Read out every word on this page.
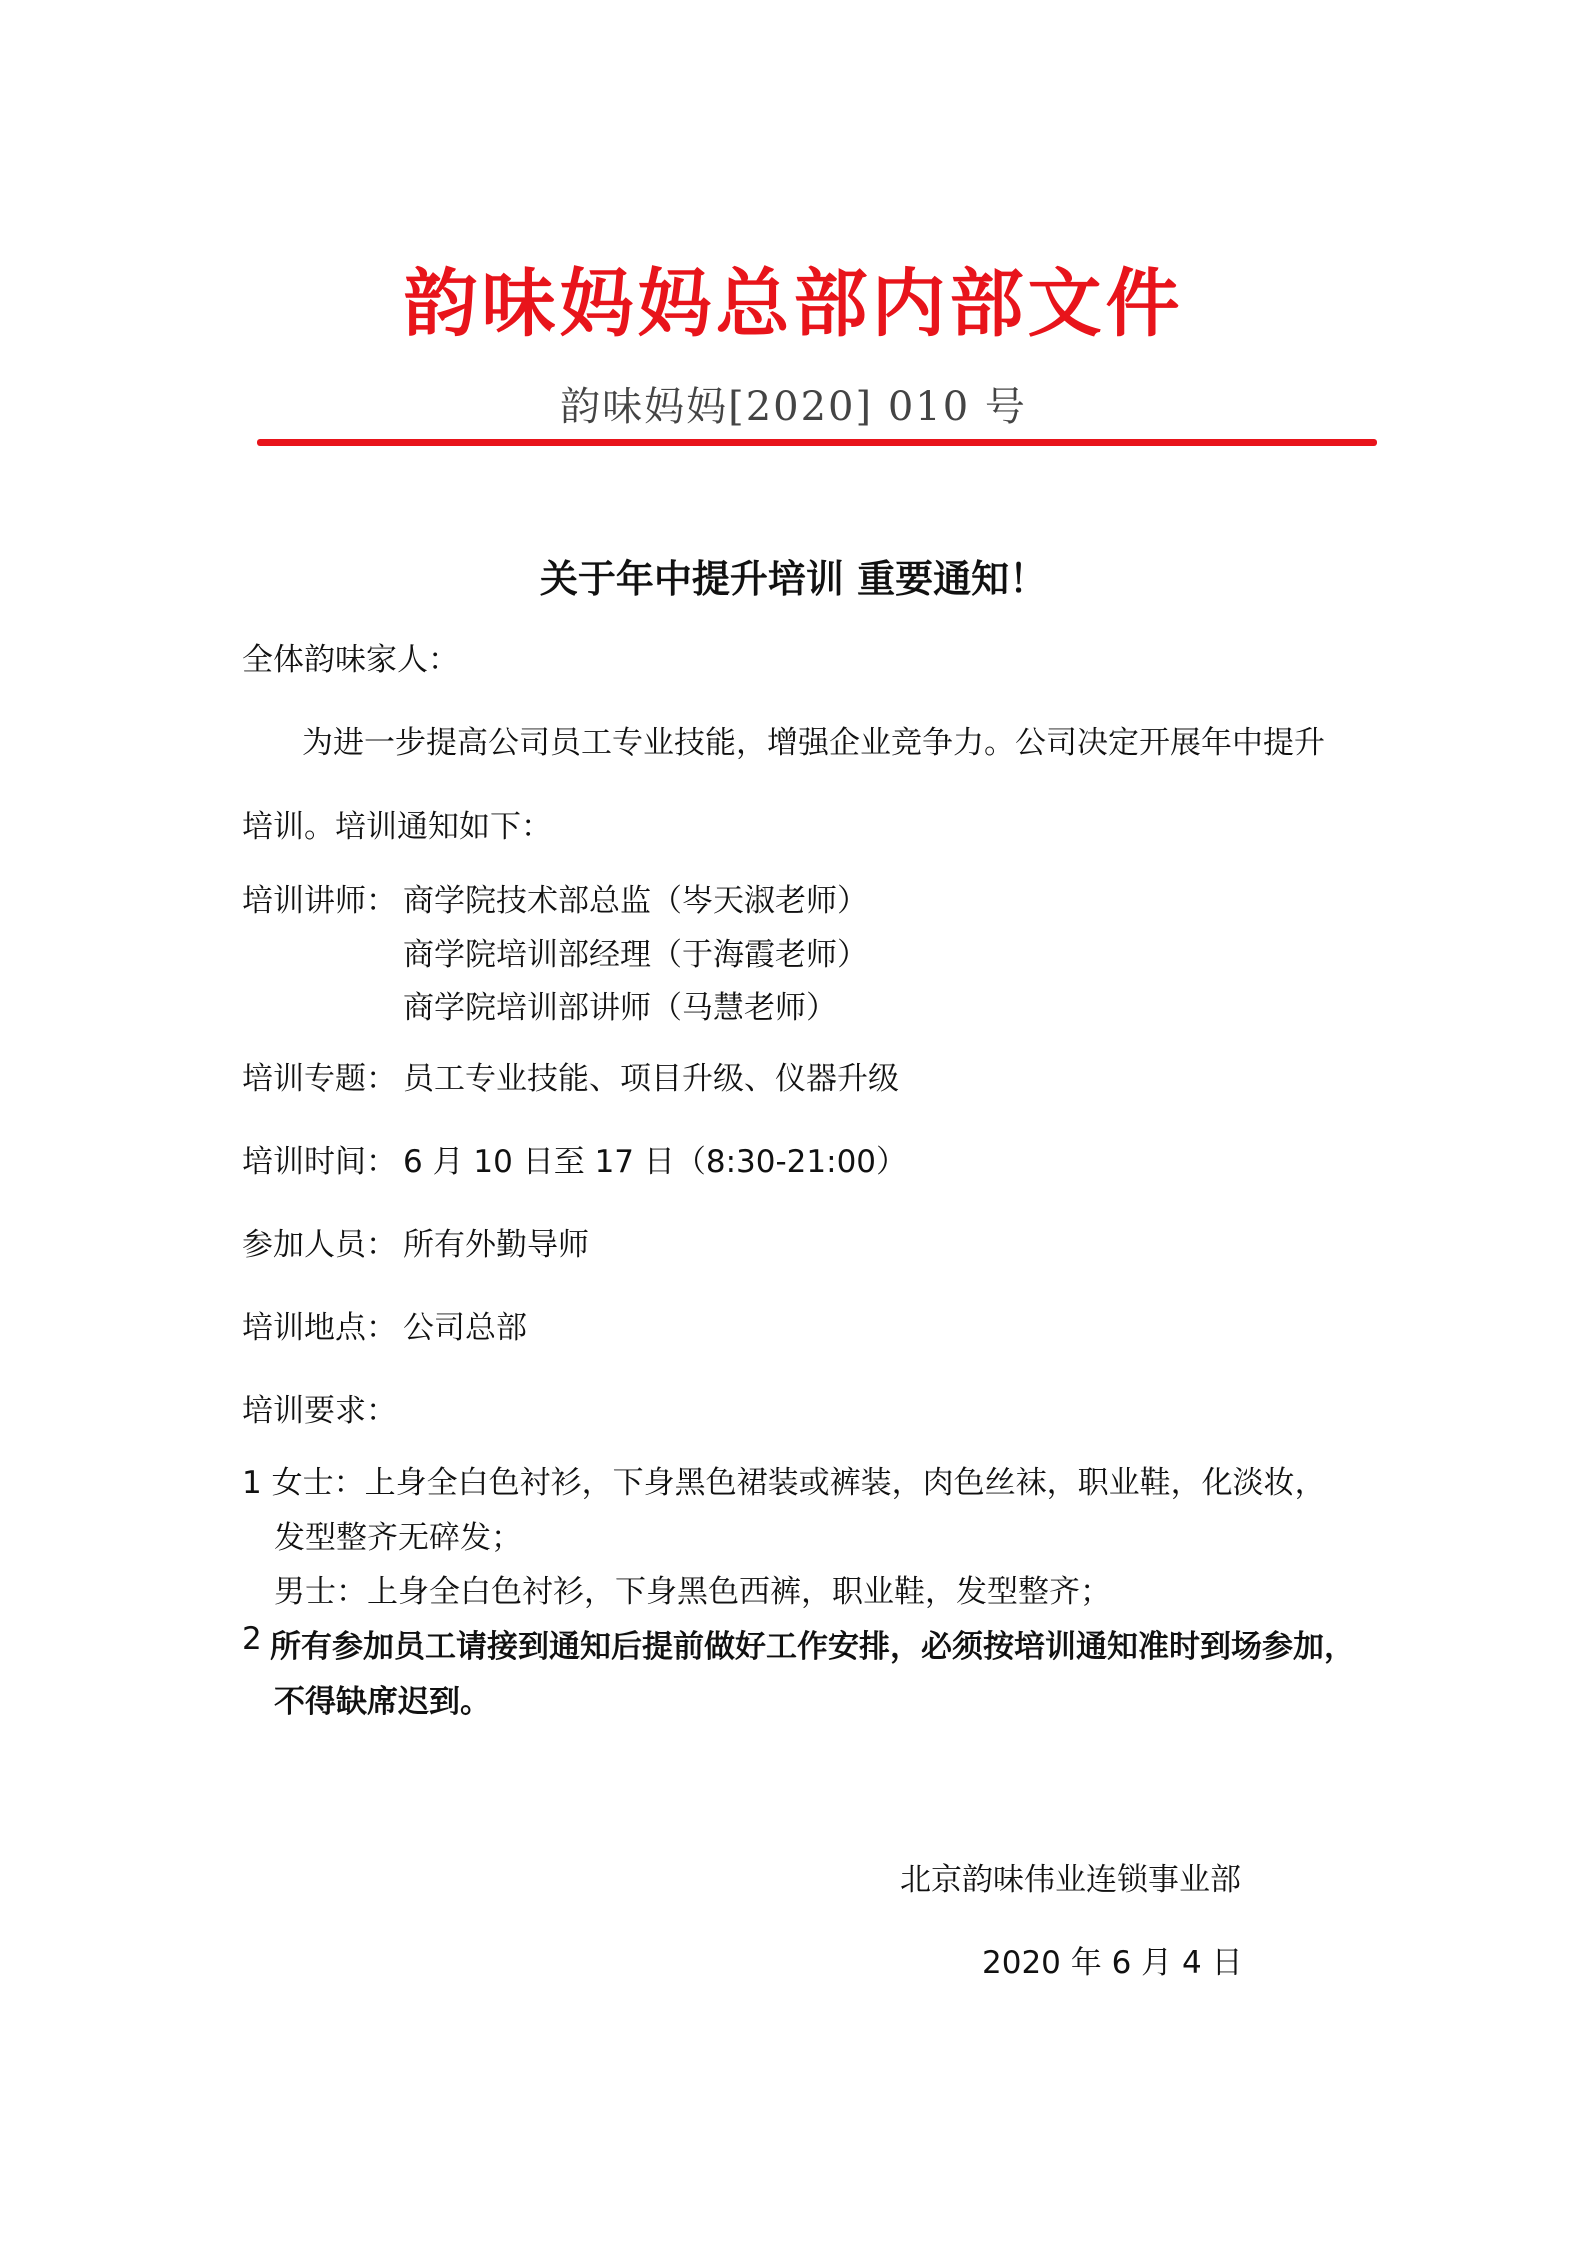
韵味妈妈总部内部文件
韵味妈妈[2020] 010 号
关于年中提升培训 重要通知！
全体韵味家人：
为进一步提高公司员工专业技能，增强企业竞争力。公司决定开展年中提升
培训。培训通知如下：
培训讲师： 商学院技术部总监（岑天淑老师）
商学院培训部经理（于海霞老师）
商学院培训部讲师（马慧老师）
培训专题： 员工专业技能、项目升级、仪器升级
培训时间： 6 月 10 日至 17 日（8:30-21:00）
参加人员： 所有外勤导师
培训地点： 公司总部
培训要求：
1 女士：上身全白色衬衫，下身黑色裙装或裤装，肉色丝袜，职业鞋，化淡妆，
发型整齐无碎发；
男士：上身全白色衬衫，下身黑色西裤，职业鞋，发型整齐；
2 所有参加员工请接到通知后提前做好工作安排，必须按培训通知准时到场参加，
不得缺席迟到。
北京韵味伟业连锁事业部
2020 年 6 月 4 日
